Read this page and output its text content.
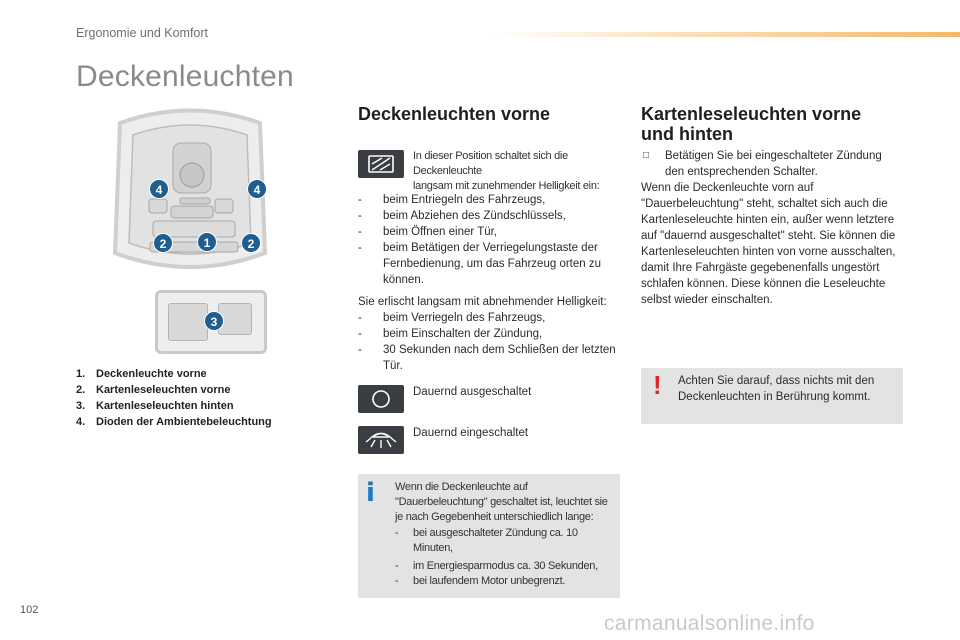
Ergonomie und Komfort
Deckenleuchten
4	4
2	1	2
3
1. Deckenleuchte vorne
2. Kartenleseleuchten vorne
3. Kartenleseleuchten hinten
4. Dioden der Ambientebeleuchtung
Deckenleuchten vorne
In dieser Position schaltet sich die Deckenleuchte
langsam mit zunehmender Helligkeit ein:
- beim Entriegeln des Fahrzeugs,
- beim Abziehen des Zündschlüssels,
- beim Öffnen einer Tür,
- beim Betätigen der Verriegelungstaste der Fernbedienung, um das Fahrzeug orten zu können.
Sie erlischt langsam mit abnehmender Helligkeit:
- beim Verriegeln des Fahrzeugs,
- beim Einschalten der Zündung,
- 30 Sekunden nach dem Schließen der letzten Tür.
Dauernd ausgeschaltet
Dauernd eingeschaltet
i Wenn die Deckenleuchte auf
"Dauerbeleuchtung" geschaltet ist, leuchtet sie
je nach Gegebenheit unterschiedlich lange:
- bei ausgeschalteter Zündung ca. 10 Minuten,
- im Energiesparmodus ca. 30 Sekunden,
- bei laufendem Motor unbegrenzt.
Kartenleseleuchten vorne
und hinten
□ Betätigen Sie bei eingeschalteter Zündung den entsprechenden Schalter.
Wenn die Deckenleuchte vorn auf "Dauerbeleuchtung" steht, schaltet sich auch die Kartenleseleuchte hinten ein, außer wenn letztere auf "dauernd ausgeschaltet" steht. Sie können die Kartenleseleuchten hinten von vorne ausschalten, damit Ihre Fahrgäste gegebenenfalls ungestört schlafen können. Diese können die Leseleuchte selbst wieder einschalten.
! Achten Sie darauf, dass nichts mit den Deckenleuchten in Berührung kommt.
102
carmanualsonline.info
